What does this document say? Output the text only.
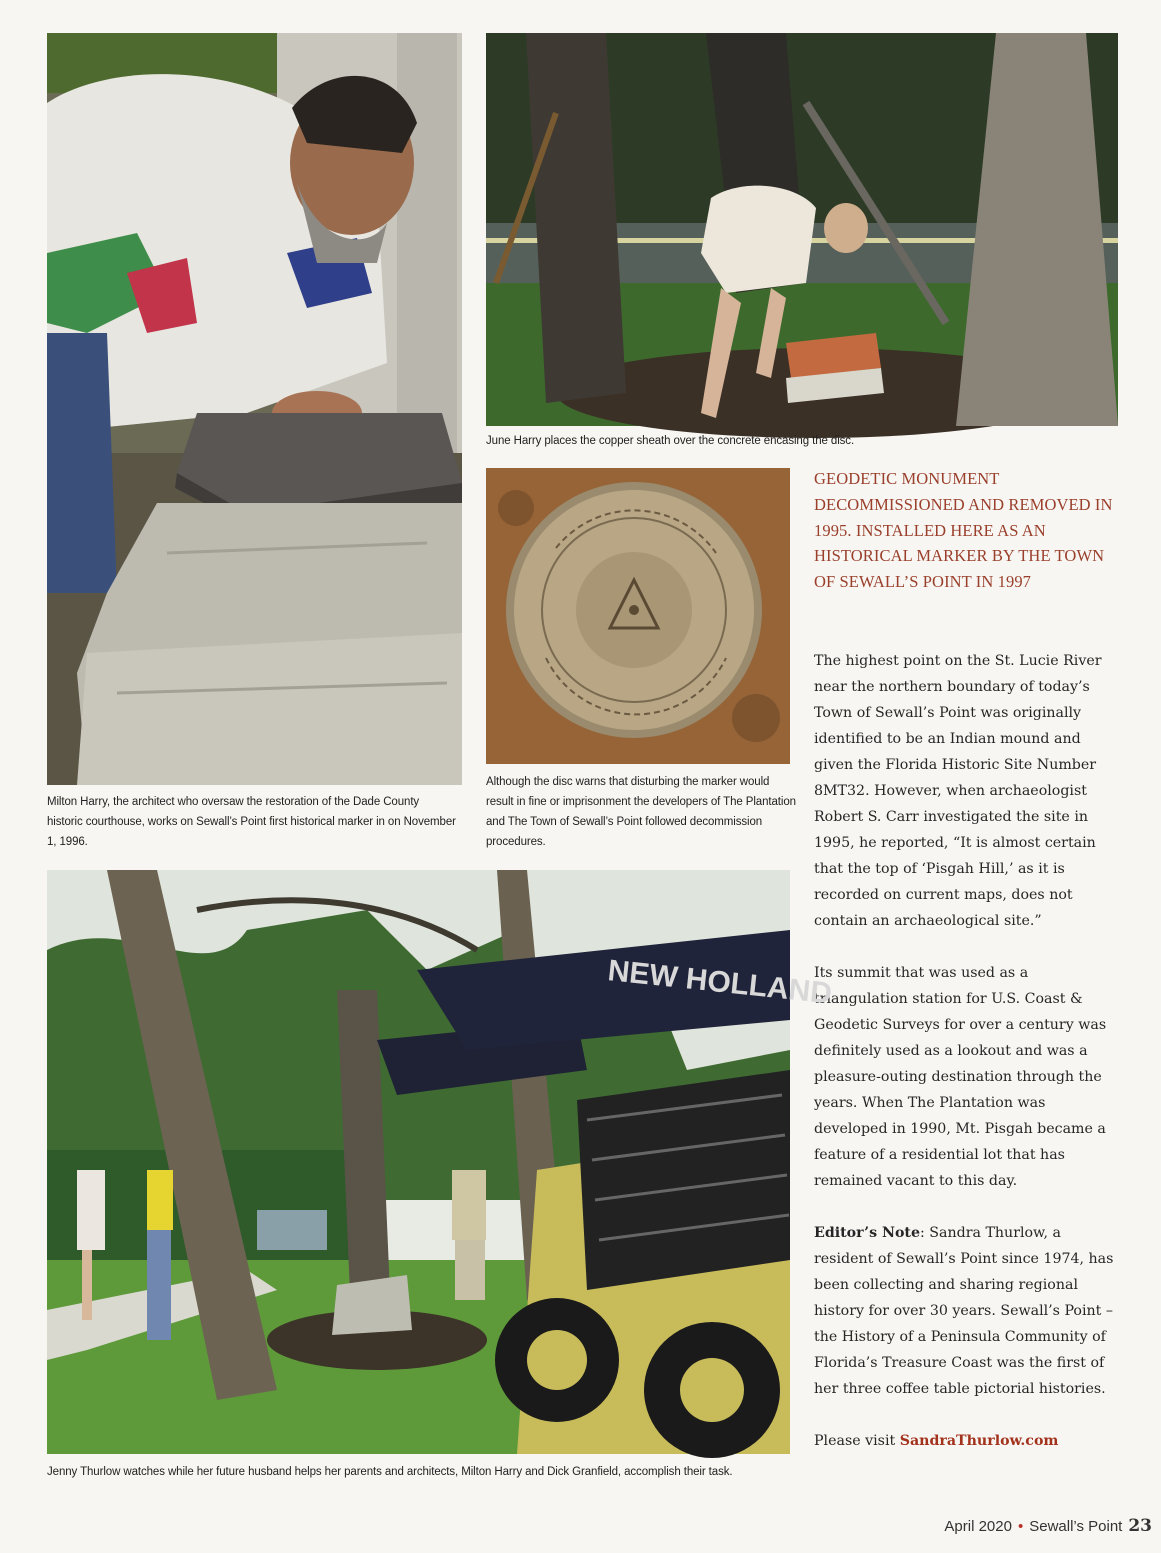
June Harry places the copper sheath over the concrete encasing the disc.
Milton Harry, the architect who oversaw the restoration of the Dade County historic courthouse, works on Sewall’s Point first historical marker in on November 1, 1996.
Although the disc warns that disturbing the marker would result in fine or imprisonment the developers of The Plantation and The Town of Sewall’s Point followed decommission procedures.
GEODETIC MONUMENT DECOMMISSIONED AND REMOVED IN 1995. INSTALLED HERE AS AN HISTORICAL MARKER BY THE TOWN OF SEWALL’S POINT IN 1997

The highest point on the St. Lucie River near the northern boundary of today’s Town of Sewall’s Point was originally identified to be an Indian mound and given the Florida Historic Site Number 8MT32. However, when archaeologist Robert S. Carr investigated the site in 1995, he reported, “It is almost certain that the top of ‘Pisgah Hill,’ as it is recorded on current maps, does not contain an archaeological site.”

Its summit that was used as a triangulation station for U.S. Coast & Geodetic Surveys for over a century was definitely used as a lookout and was a pleasure-outing destination through the years. When The Plantation was developed in 1990, Mt. Pisgah became a feature of a residential lot that has remained vacant to this day.

Editor’s Note: Sandra Thurlow, a resident of Sewall’s Point since 1974, has been collecting and sharing regional history for over 30 years. Sewall’s Point – the History of a Peninsula Community of Florida’s Treasure Coast was the first of her three coffee table pictorial histories.

Please visit SandraThurlow.com

NEW HOLLAND
Jenny Thurlow watches while her future husband helps her parents and architects, Milton Harry and Dick Granfield, accomplish their task.
April 2020 • Sewall’s Point 23
